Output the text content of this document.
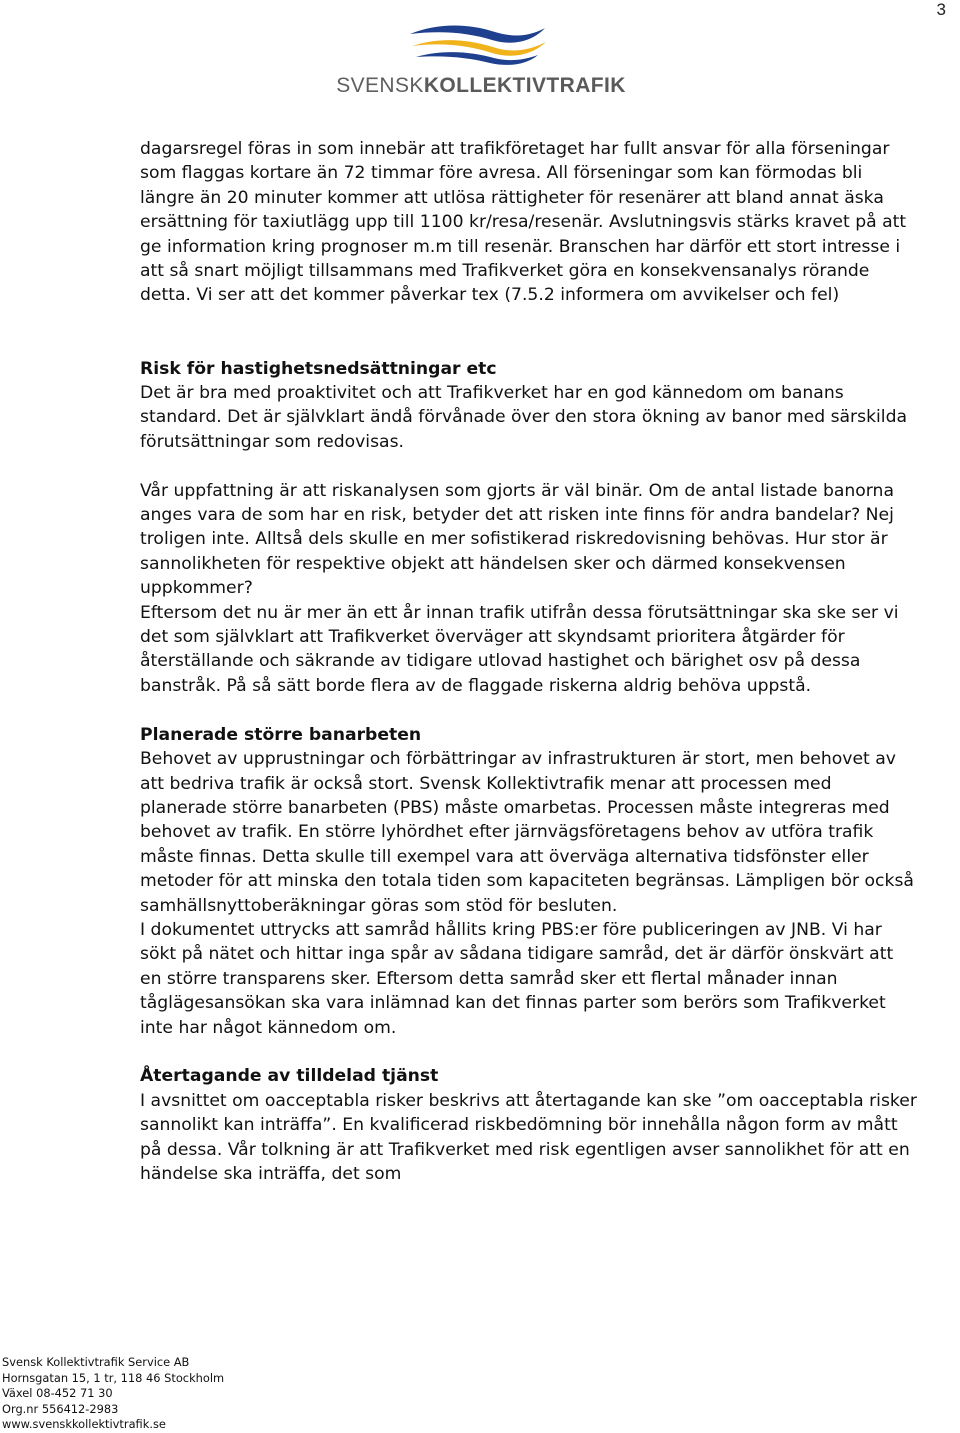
3
SVENSKKOLLEKTIVTRAFIK

dagarsregel föras in som innebär att trafikföretaget har fullt ansvar för alla förseningar som flaggas kortare än 72 timmar före avresa. All förseningar som kan förmodas bli längre än 20 minuter kommer att utlösa rättigheter för resenärer att bland annat äska ersättning för taxiutlägg upp till 1100 kr/resa/resenär. Avslutningsvis stärks kravet på att ge information kring prognoser m.m till resenär. Branschen har därför ett stort intresse i att så snart möjligt tillsammans med Trafikverket göra en konsekvensanalys rörande detta. Vi ser att det kommer påverkar tex (7.5.2 informera om avvikelser och fel)

Risk för hastighetsnedsättningar etc

Det är bra med proaktivitet och att Trafikverket har en god kännedom om banans standard. Det är självklart ändå förvånade över den stora ökning av banor med särskilda förutsättningar som redovisas.

Vår uppfattning är att riskanalysen som gjorts är väl binär. Om de antal listade banorna anges vara de som har en risk, betyder det att risken inte finns för andra bandelar? Nej troligen inte. Alltså dels skulle en mer sofistikerad riskredovisning behövas. Hur stor är sannolikheten för respektive objekt att händelsen sker och därmed konsekvensen uppkommer?

Eftersom det nu är mer än ett år innan trafik utifrån dessa förutsättningar ska ske ser vi det som självklart att Trafikverket överväger att skyndsamt prioritera åtgärder för återställande och säkrande av tidigare utlovad hastighet och bärighet osv på dessa banstråk. På så sätt borde flera av de flaggade riskerna aldrig behöva uppstå.

Planerade större banarbeten

Behovet av upprustningar och förbättringar av infrastrukturen är stort, men behovet av att bedriva trafik är också stort. Svensk Kollektivtrafik menar att processen med planerade större banarbeten (PBS) måste omarbetas. Processen måste integreras med behovet av trafik. En större lyhördhet efter järnvägsföretagens behov av utföra trafik måste finnas. Detta skulle till exempel vara att överväga alternativa tidsfönster eller metoder för att minska den totala tiden som kapaciteten begränsas. Lämpligen bör också samhällsnyttoberäkningar göras som stöd för besluten.

I dokumentet uttrycks att samråd hållits kring PBS:er före publiceringen av JNB. Vi har sökt på nätet och hittar inga spår av sådana tidigare samråd, det är därför önskvärt att en större transparens sker. Eftersom detta samråd sker ett flertal månader innan tåglägesansökan ska vara inlämnad kan det finnas parter som berörs som Trafikverket inte har något kännedom om.

Återtagande av tilldelad tjänst

I avsnittet om oacceptabla risker beskrivs att återtagande kan ske ”om oacceptabla risker sannolikt kan inträffa”. En kvalificerad riskbedömning bör innehålla någon form av mått på dessa. Vår tolkning är att Trafikverket med risk egentligen avser sannolikhet för att en händelse ska inträffa, det som

Svensk Kollektivtrafik Service AB
Hornsgatan 15, 1 tr, 118 46 Stockholm
Växel 08-452 71 30
Org.nr 556412-2983
www.svenskkollektivtrafik.se
